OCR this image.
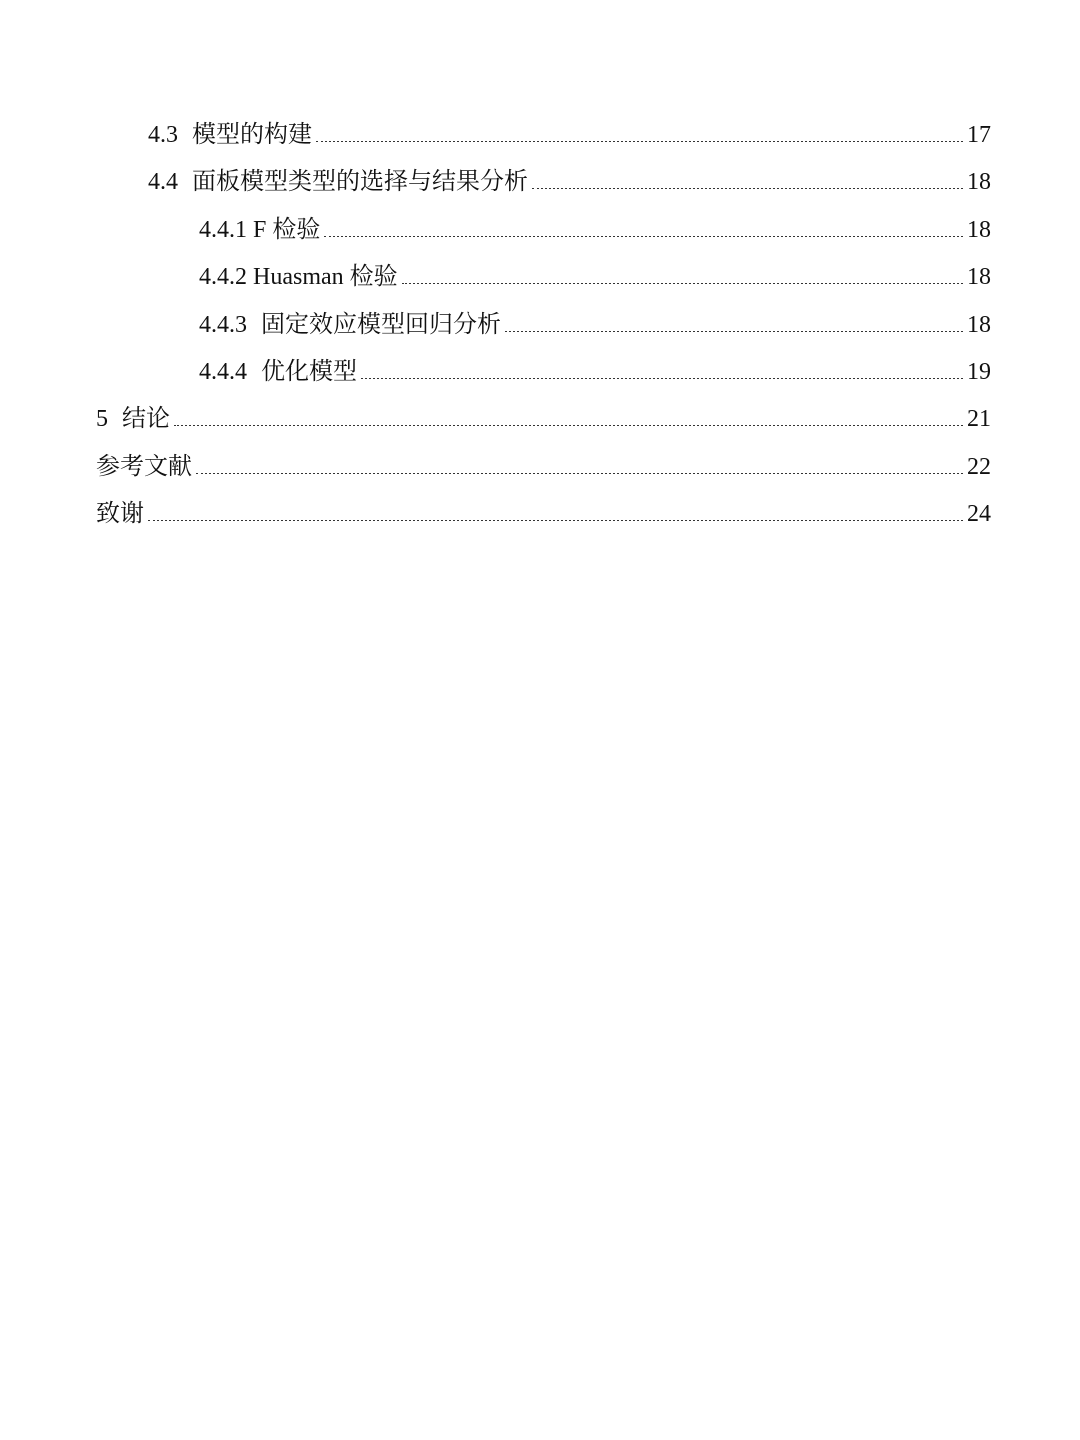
4.3 模型的构建	17
4.4 面板模型类型的选择与结果分析	18
4.4.1 F 检验	18
4.4.2 Huasman 检验	18
4.4.3 固定效应模型回归分析	18
4.4.4 优化模型	19
5 结论	21
参考文献	22
致谢	24
